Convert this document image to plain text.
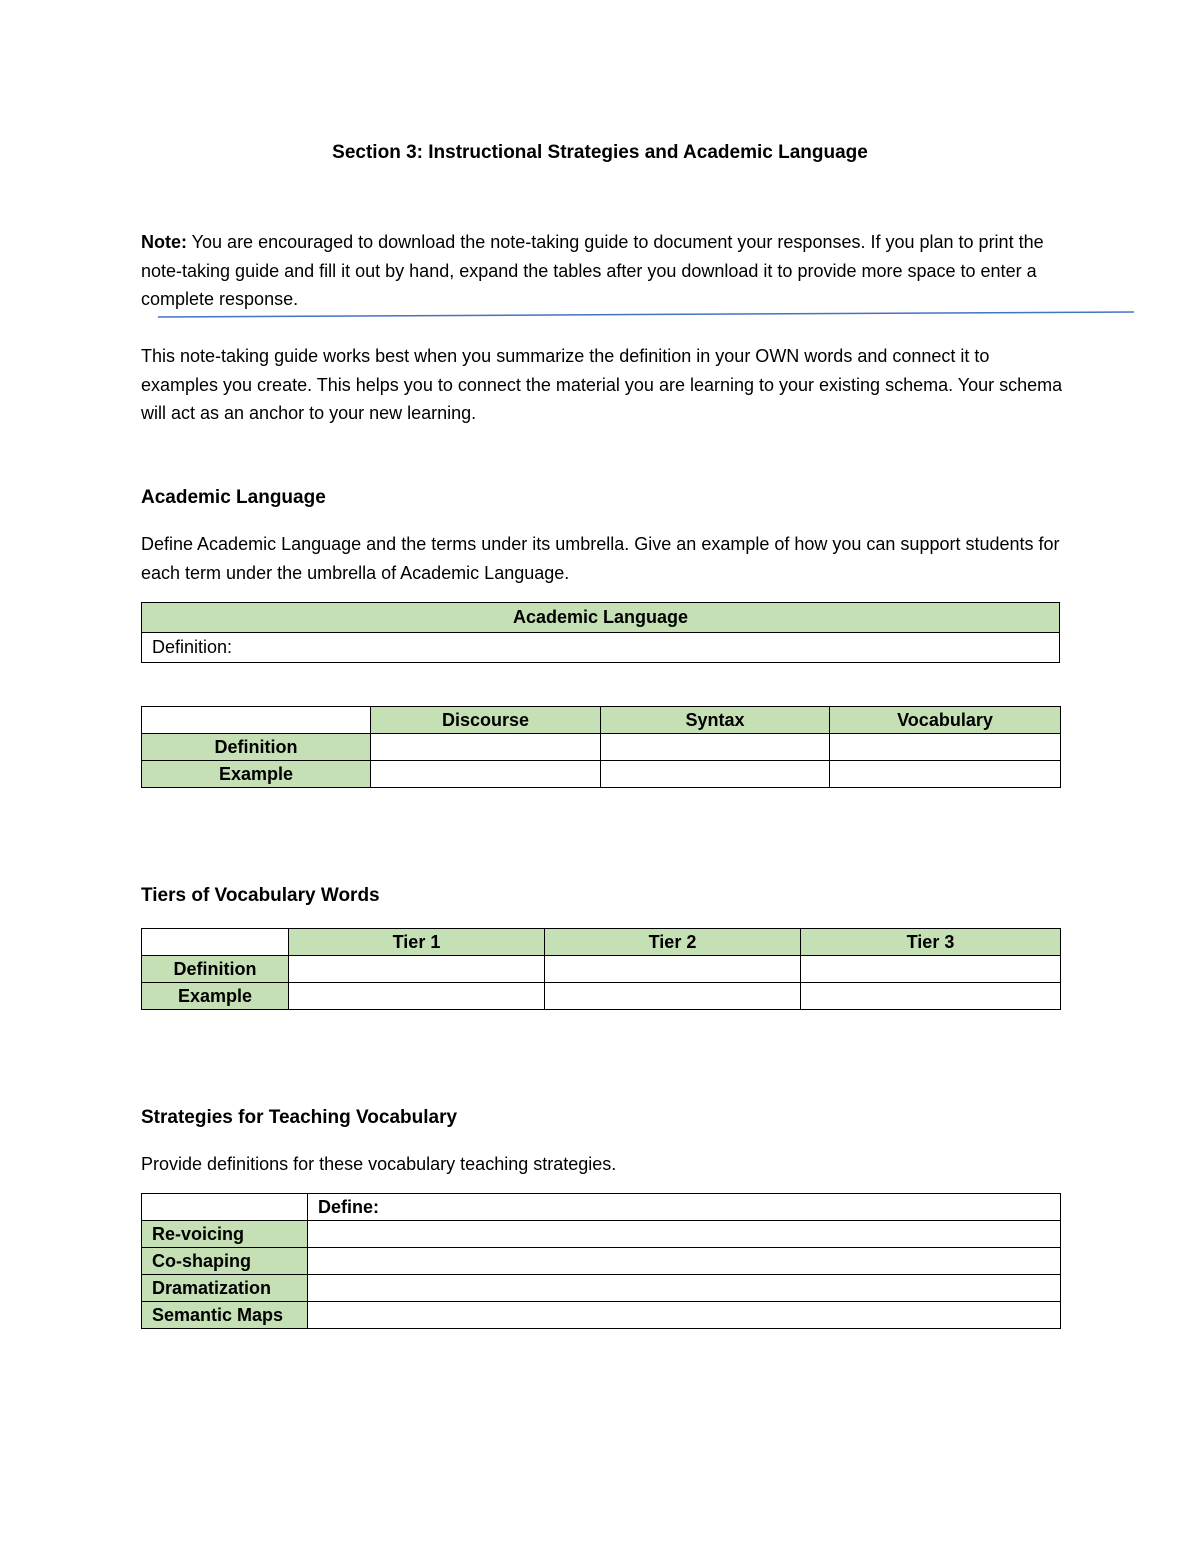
Section 3: Instructional Strategies and Academic Language
Note: You are encouraged to download the note-taking guide to document your responses. If you plan to print the note-taking guide and fill it out by hand, expand the tables after you download it to provide more space to enter a complete response.
This note-taking guide works best when you summarize the definition in your OWN words and connect it to examples you create. This helps you to connect the material you are learning to your existing schema. Your schema will act as an anchor to your new learning.
Academic Language
Define Academic Language and the terms under its umbrella. Give an example of how you can support students for each term under the umbrella of Academic Language.
Academic Language
Definition:
	Discourse	Syntax	Vocabulary
Definition			
Example			
Tiers of Vocabulary Words
	Tier 1	Tier 2	Tier 3
Definition			
Example			
Strategies for Teaching Vocabulary
Provide definitions for these vocabulary teaching strategies.
	Define:
Re-voicing	
Co-shaping	
Dramatization	
Semantic Maps	
